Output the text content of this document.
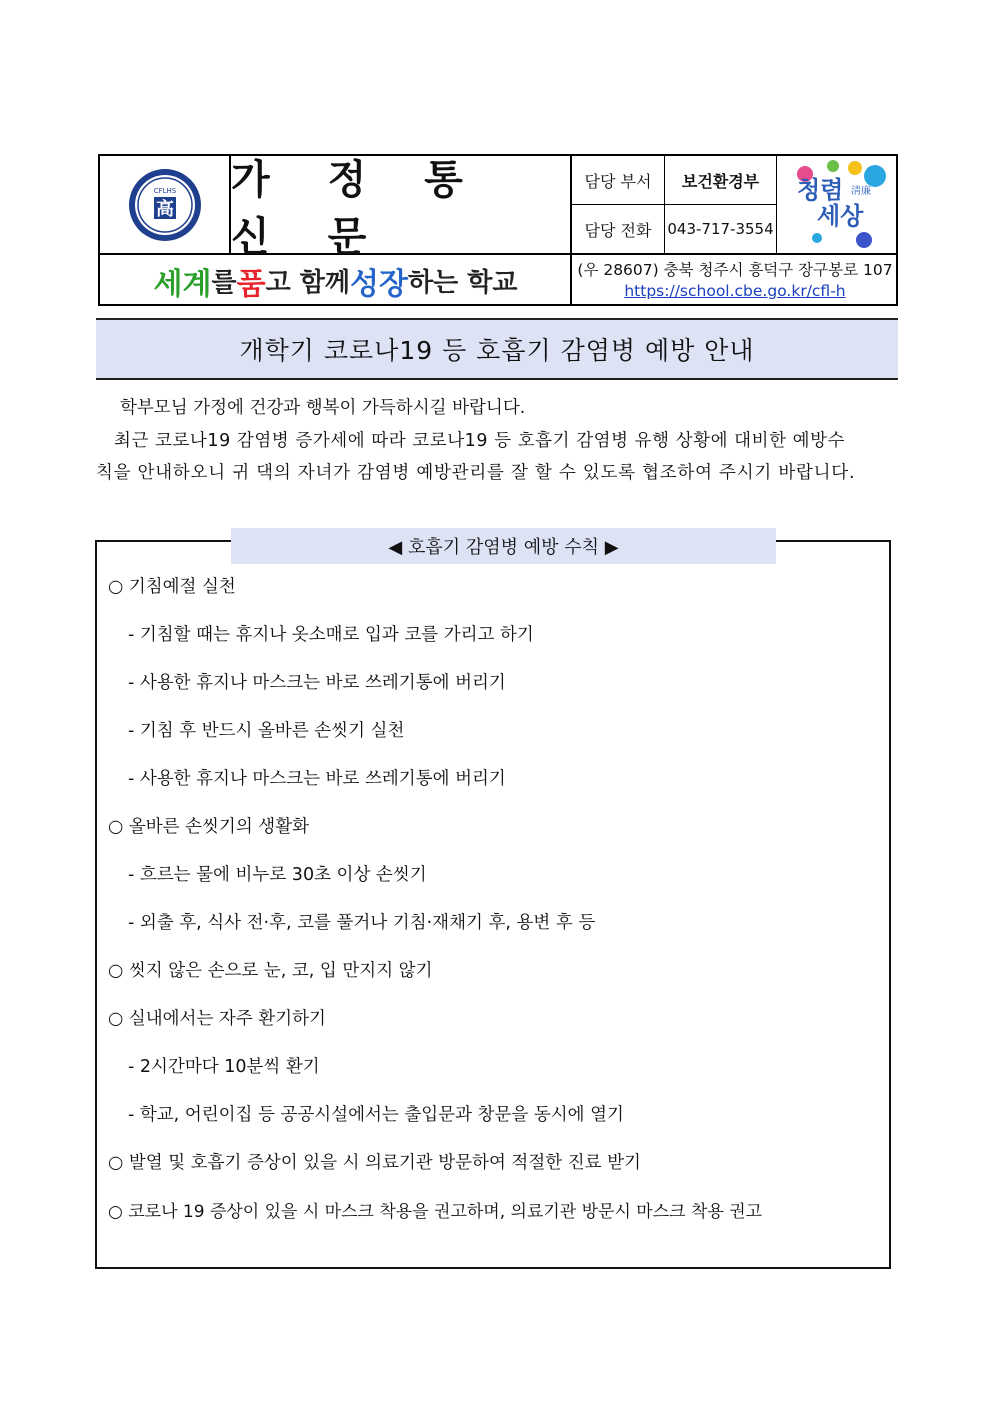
CFLHS
高
가 정 통 신 문
담당 부서	보건환경부
담당 전화	043-717-3554
청렴 淸廉
세상
세계 를 품 고 함께 성장 하는 학교	(우 28607) 충북 청주시 흥덕구 장구봉로 107
https://school.cbe.go.kr/cfl-h
개학기 코로나19 등 호흡기 감염병 예방 안내
학부모님 가정에 건강과 행복이 가득하시길 바랍니다.
최근 코로나19 감염병 증가세에 따라 코로나19 등 호흡기 감염병 유행 상황에 대비한 예방수
칙을 안내하오니 귀 댁의 자녀가 감염병 예방관리를 잘 할 수 있도록 협조하여 주시기 바랍니다.
◀ 호흡기 감염병 예방 수칙 ▶
○ 기침예절 실천
- 기침할 때는 휴지나 옷소매로 입과 코를 가리고 하기
- 사용한 휴지나 마스크는 바로 쓰레기통에 버리기
- 기침 후 반드시 올바른 손씻기 실천
- 사용한 휴지나 마스크는 바로 쓰레기통에 버리기
○ 올바른 손씻기의 생활화
- 흐르는 물에 비누로 30초 이상 손씻기
- 외출 후, 식사 전·후, 코를 풀거나 기침·재채기 후, 용변 후 등
○ 씻지 않은 손으로 눈, 코, 입 만지지 않기
○ 실내에서는 자주 환기하기
- 2시간마다 10분씩 환기
- 학교, 어린이집 등 공공시설에서는 출입문과 창문을 동시에 열기
○ 발열 및 호흡기 증상이 있을 시 의료기관 방문하여 적절한 진료 받기
○ 코로나 19 증상이 있을 시 마스크 착용을 권고하며, 의료기관 방문시 마스크 착용 권고
